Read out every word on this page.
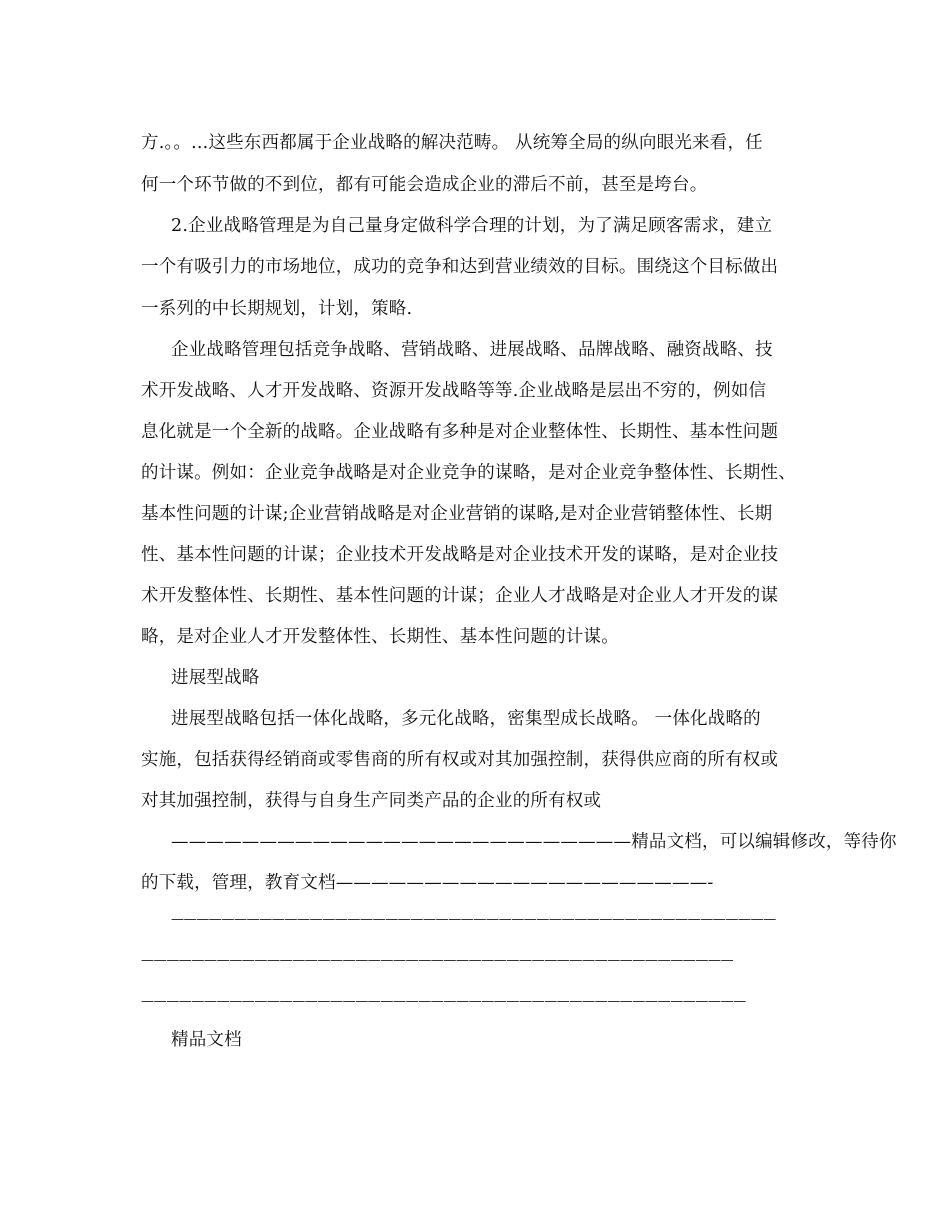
方.。。...这些东西都属于企业战略的解决范畴。 从统筹全局的纵向眼光来看，任
何一个环节做的不到位，都有可能会造成企业的滞后不前，甚至是垮台。
2.企业战略管理是为自己量身定做科学合理的计划，为了满足顾客需求，建立
一个有吸引力的市场地位，成功的竞争和达到营业绩效的目标。围绕这个目标做出
一系列的中长期规划，计划，策略.
企业战略管理包括竞争战略、营销战略、进展战略、品牌战略、融资战略、技
术开发战略、人才开发战略、资源开发战略等等.企业战略是层出不穷的，例如信
息化就是一个全新的战略。企业战略有多种是对企业整体性、长期性、基本性问题
的计谋。例如：企业竞争战略是对企业竞争的谋略，是对企业竞争整体性、长期性、
基本性问题的计谋;企业营销战略是对企业营销的谋略,是对企业营销整体性、长期
性、基本性问题的计谋；企业技术开发战略是对企业技术开发的谋略，是对企业技
术开发整体性、长期性、基本性问题的计谋；企业人才战略是对企业人才开发的谋
略，是对企业人才开发整体性、长期性、基本性问题的计谋。
进展型战略
进展型战略包括一体化战略，多元化战略，密集型成长战略。 一体化战略的
实施，包括获得经销商或零售商的所有权或对其加强控制，获得供应商的所有权或
对其加强控制，获得与自身生产同类产品的企业的所有权或
——————————————————————————精品文档，可以编辑修改，等待你
的下载，管理，教育文档—————————————————————-
————————————————————————————————————————————————
———————————————————————————————————————————————
————————————————————————————————————————————————
精品文档
